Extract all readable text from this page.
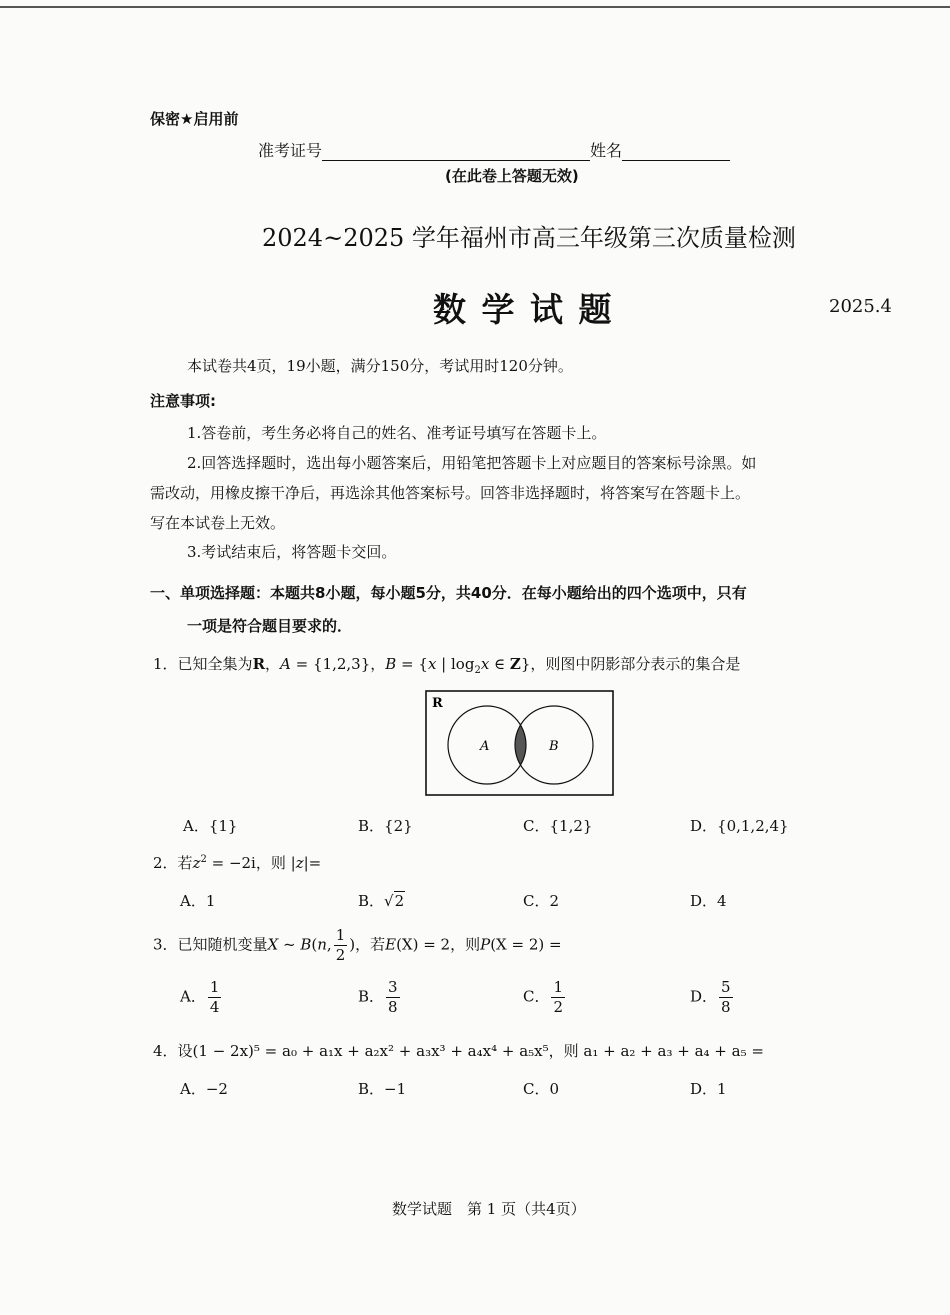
保密★启用前
准考证号	姓名
(在此卷上答题无效)
2024~2025 学年福州市高三年级第三次质量检测
数 学 试 题	2025.4
本试卷共4页，19小题，满分150分，考试用时120分钟。
注意事项:
1.答卷前，考生务必将自己的姓名、准考证号填写在答题卡上。
2.回答选择题时，选出每小题答案后，用铅笔把答题卡上对应题目的答案标号涂黑。如
需改动，用橡皮擦干净后，再选涂其他答案标号。回答非选择题时，将答案写在答题卡上。
写在本试卷上无效。
3.考试结束后，将答题卡交回。
一、单项选择题：本题共8小题，每小题5分，共40分．在每小题给出的四个选项中，只有
一项是符合题目要求的．
1．已知全集为R，A = {1,2,3}，B = {x | $\log_2x$ ∈ Z}，则图中阴影部分表示的集合是
R
A	B
A．{1}	B．{2}	C．{1,2}	D．{0,1,2,4}
2．若$z^2 = -2i$，则 |z|=
A．1	B．√2	C．2	D．4
3．已知随机变量X ~ B(n, $\frac{1}{2}$ )，若E(X) = 2，则P(X = 2) =
A． $\frac{1}{4}$	B． $\frac{3}{8}$	C． $\frac{1}{2}$	D． $\frac{5}{8}$
4．设(1 − 2x)⁵ = a₀ + a₁x + a₂x² + a₃x³ + a₄x⁴ + a₅x⁵，则 a₁ + a₂ + a₃ + a₄ + a₅ =
A．−2	B．−1	C．0	D．1
数学试题　第 1 页（共4页）
